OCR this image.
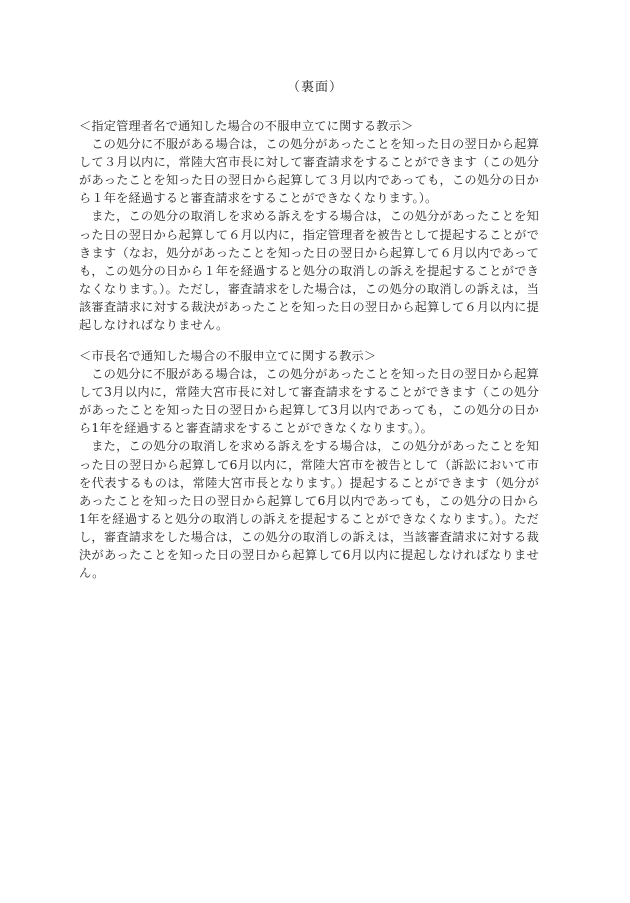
（裏面）
＜指定管理者名で通知した場合の不服申立てに関する教示＞

この処分に不服がある場合は，この処分があったことを知った日の翌日から起算して３月以内に，常陸大宮市長に対して審査請求をすることができます（この処分があったことを知った日の翌日から起算して３月以内であっても，この処分の日から１年を経過すると審査請求をすることができなくなります。）。

また，この処分の取消しを求める訴えをする場合は，この処分があったことを知った日の翌日から起算して６月以内に，指定管理者を被告として提起することができます（なお，処分があったことを知った日の翌日から起算して６月以内であっても，この処分の日から１年を経過すると処分の取消しの訴えを提起することができなくなります。）。ただし，審査請求をした場合は，この処分の取消しの訴えは，当該審査請求に対する裁決があったことを知った日の翌日から起算して６月以内に提起しなければなりません。

＜市長名で通知した場合の不服申立てに関する教示＞

この処分に不服がある場合は，この処分があったことを知った日の翌日から起算して3月以内に，常陸大宮市長に対して審査請求をすることができます（この処分があったことを知った日の翌日から起算して3月以内であっても，この処分の日から1年を経過すると審査請求をすることができなくなります。）。

また，この処分の取消しを求める訴えをする場合は，この処分があったことを知った日の翌日から起算して6月以内に，常陸大宮市を被告として（訴訟において市を代表するものは，常陸大宮市長となります。）提起することができます（処分があったことを知った日の翌日から起算して6月以内であっても，この処分の日から1年を経過すると処分の取消しの訴えを提起することができなくなります。）。ただし，審査請求をした場合は，この処分の取消しの訴えは，当該審査請求に対する裁決があったことを知った日の翌日から起算して6月以内に提起しなければなりません。
